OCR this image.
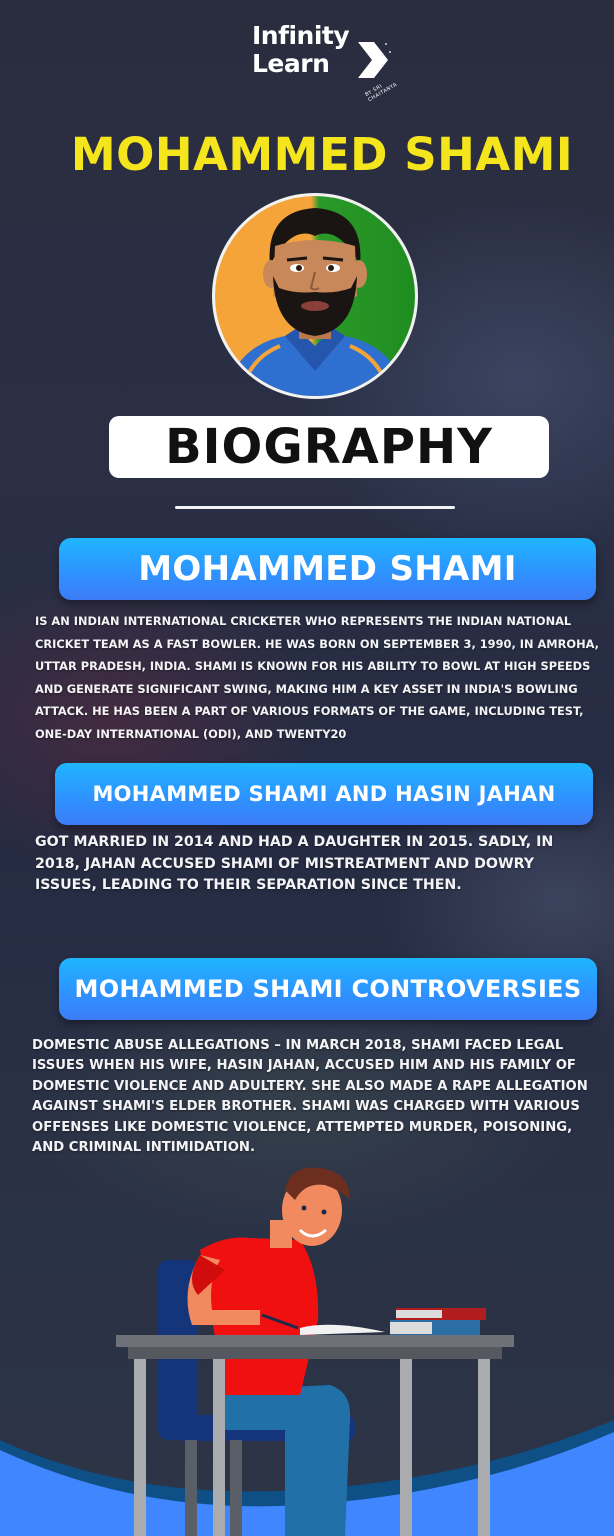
Infinity
Learn
BY SRI CHAITANYA
MOHAMMED SHAMI
BIOGRAPHY
MOHAMMED SHAMI
IS AN INDIAN INTERNATIONAL CRICKETER WHO REPRESENTS THE INDIAN NATIONAL CRICKET TEAM AS A FAST BOWLER. HE WAS BORN ON SEPTEMBER 3, 1990, IN AMROHA, UTTAR PRADESH, INDIA. SHAMI IS KNOWN FOR HIS ABILITY TO BOWL AT HIGH SPEEDS AND GENERATE SIGNIFICANT SWING, MAKING HIM A KEY ASSET IN INDIA'S BOWLING ATTACK. HE HAS BEEN A PART OF VARIOUS FORMATS OF THE GAME, INCLUDING TEST, ONE-DAY INTERNATIONAL (ODI), AND TWENTY20
MOHAMMED SHAMI AND HASIN JAHAN
GOT MARRIED IN 2014 AND HAD A DAUGHTER IN 2015. SADLY, IN 2018, JAHAN ACCUSED SHAMI OF MISTREATMENT AND DOWRY ISSUES, LEADING TO THEIR SEPARATION SINCE THEN.
MOHAMMED SHAMI CONTROVERSIES
DOMESTIC ABUSE ALLEGATIONS – IN MARCH 2018, SHAMI FACED LEGAL ISSUES WHEN HIS WIFE, HASIN JAHAN, ACCUSED HIM AND HIS FAMILY OF DOMESTIC VIOLENCE AND ADULTERY. SHE ALSO MADE A RAPE ALLEGATION AGAINST SHAMI'S ELDER BROTHER. SHAMI WAS CHARGED WITH VARIOUS OFFENSES LIKE DOMESTIC VIOLENCE, ATTEMPTED MURDER, POISONING, AND CRIMINAL INTIMIDATION.
